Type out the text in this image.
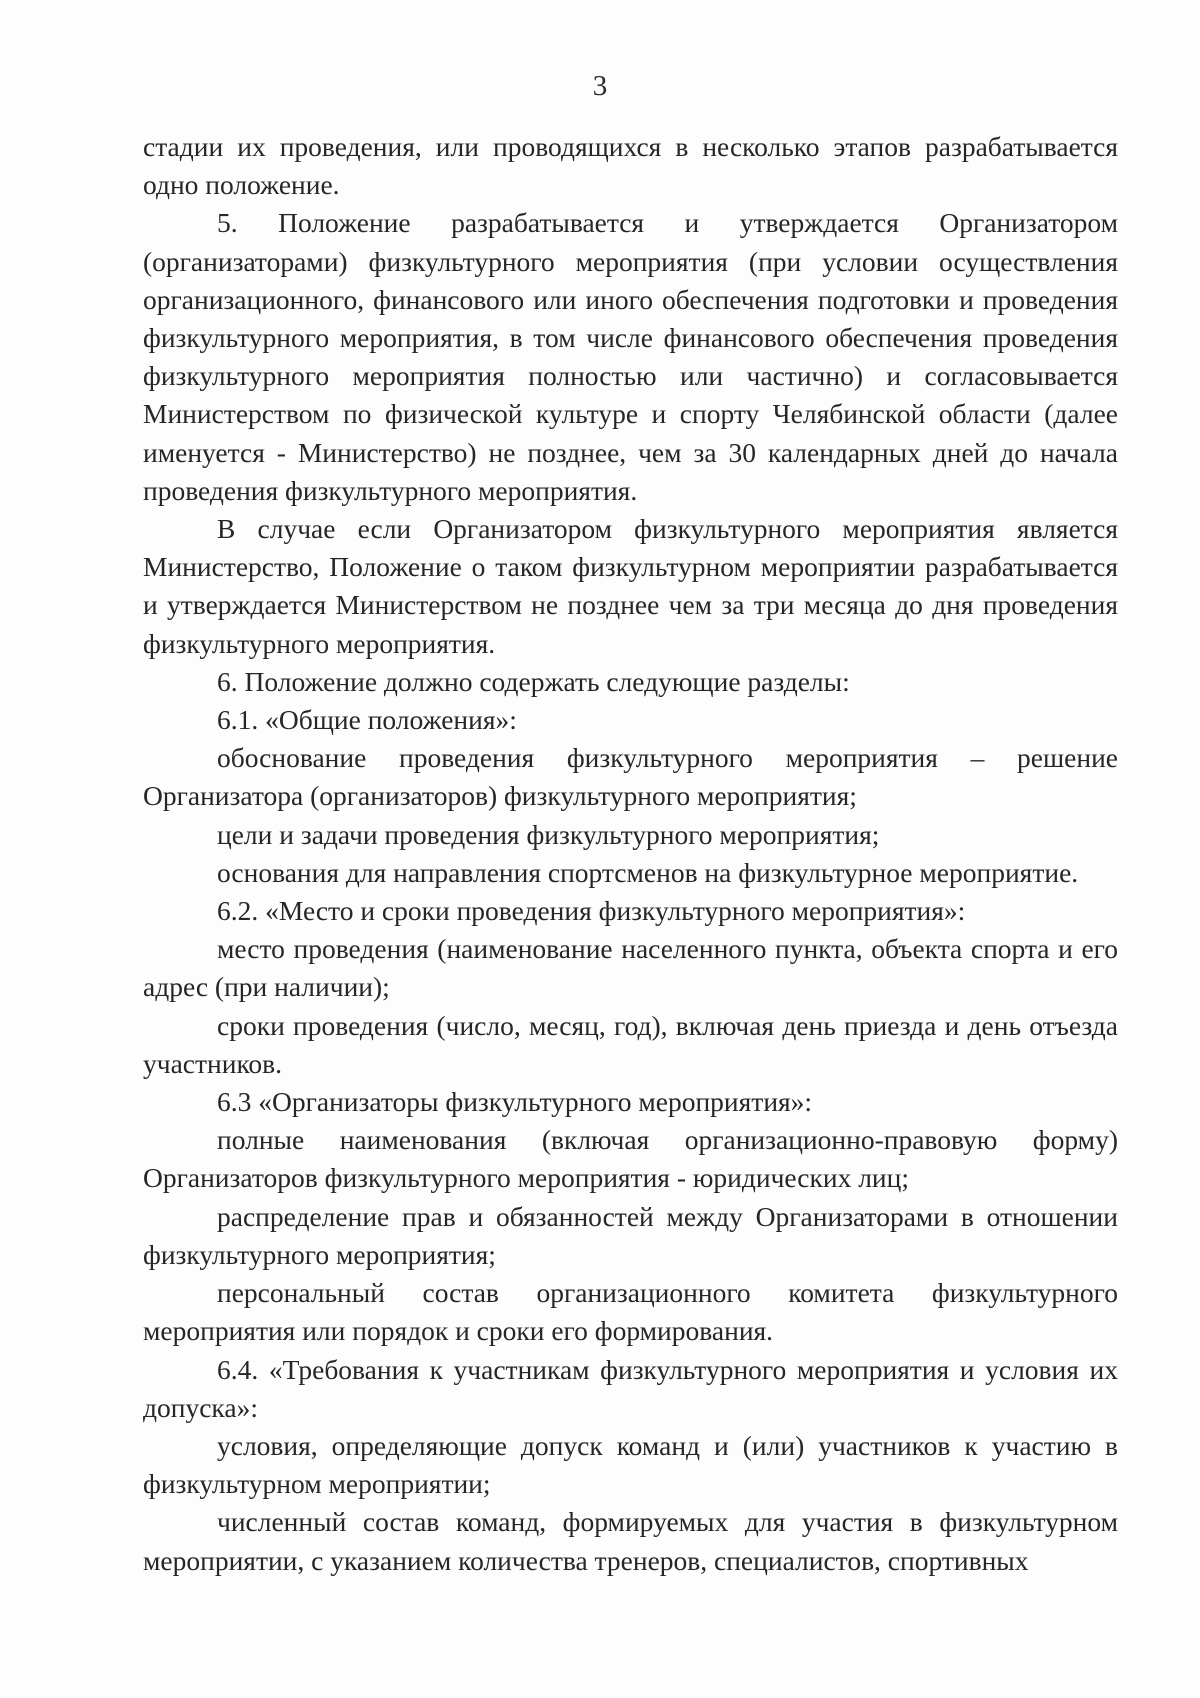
3

стадии их проведения, или проводящихся в несколько этапов разрабатывается одно положение.

5. Положение разрабатывается и утверждается Организатором (организаторами) физкультурного мероприятия (при условии осуществления организационного, финансового или иного обеспечения подготовки и проведения физкультурного мероприятия, в том числе финансового обеспечения проведения физкультурного мероприятия полностью или частично) и согласовывается Министерством по физической культуре и спорту Челябинской области (далее именуется - Министерство) не позднее, чем за 30 календарных дней до начала проведения физкультурного мероприятия.

В случае если Организатором физкультурного мероприятия является Министерство, Положение о таком физкультурном мероприятии разрабатывается и утверждается Министерством не позднее чем за три месяца до дня проведения физкультурного мероприятия.

6. Положение должно содержать следующие разделы:

6.1. «Общие положения»:

обоснование проведения физкультурного мероприятия – решение Организатора (организаторов) физкультурного мероприятия;

цели и задачи проведения физкультурного мероприятия;

основания для направления спортсменов на физкультурное мероприятие.

6.2. «Место и сроки проведения физкультурного мероприятия»:

место проведения (наименование населенного пункта, объекта спорта и его адрес (при наличии);

сроки проведения (число, месяц, год), включая день приезда и день отъезда участников.

6.3 «Организаторы физкультурного мероприятия»:

полные наименования (включая организационно-правовую форму) Организаторов физкультурного мероприятия - юридических лиц;

распределение прав и обязанностей между Организаторами в отношении физкультурного мероприятия;

персональный состав организационного комитета физкультурного мероприятия или порядок и сроки его формирования.

6.4. «Требования к участникам физкультурного мероприятия и условия их допуска»:

условия, определяющие допуск команд и (или) участников к участию в физкультурном мероприятии;

численный состав команд, формируемых для участия в физкультурном мероприятии, с указанием количества тренеров, специалистов, спортивных
